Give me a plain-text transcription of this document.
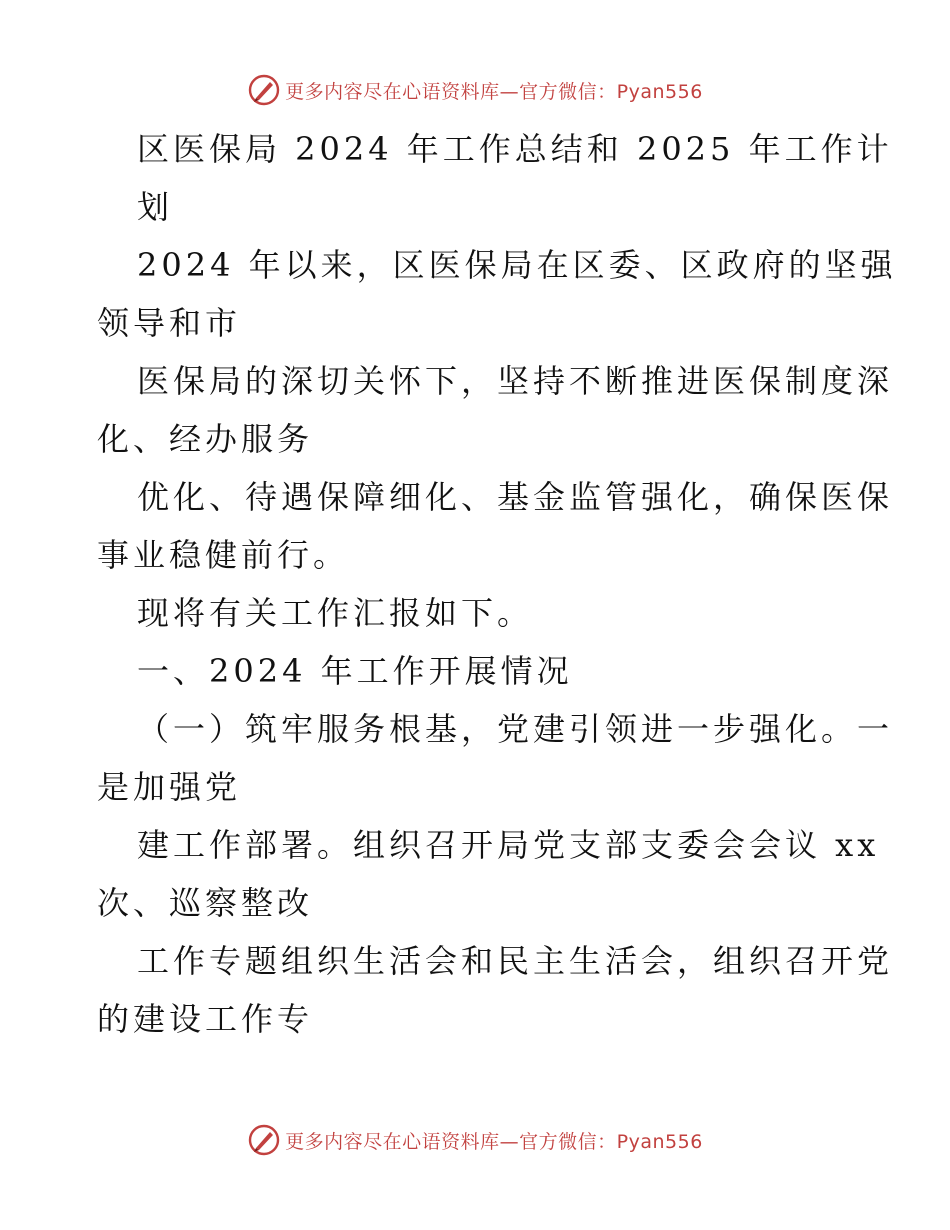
更多内容尽在心语资料库—官方微信：Pyan556
区医保局 2024 年工作总结和 2025 年工作计
划
2024 年以来，区医保局在区委、区政府的坚强
领导和市
医保局的深切关怀下，坚持不断推进医保制度深
化、经办服务
优化、待遇保障细化、基金监管强化，确保医保
事业稳健前行。
现将有关工作汇报如下。
一、2024 年工作开展情况
（一）筑牢服务根基，党建引领进一步强化。一
是加强党
建工作部署。组织召开局党支部支委会会议 xx
次、巡察整改
工作专题组织生活会和民主生活会，组织召开党
的建设工作专
更多内容尽在心语资料库—官方微信：Pyan556
